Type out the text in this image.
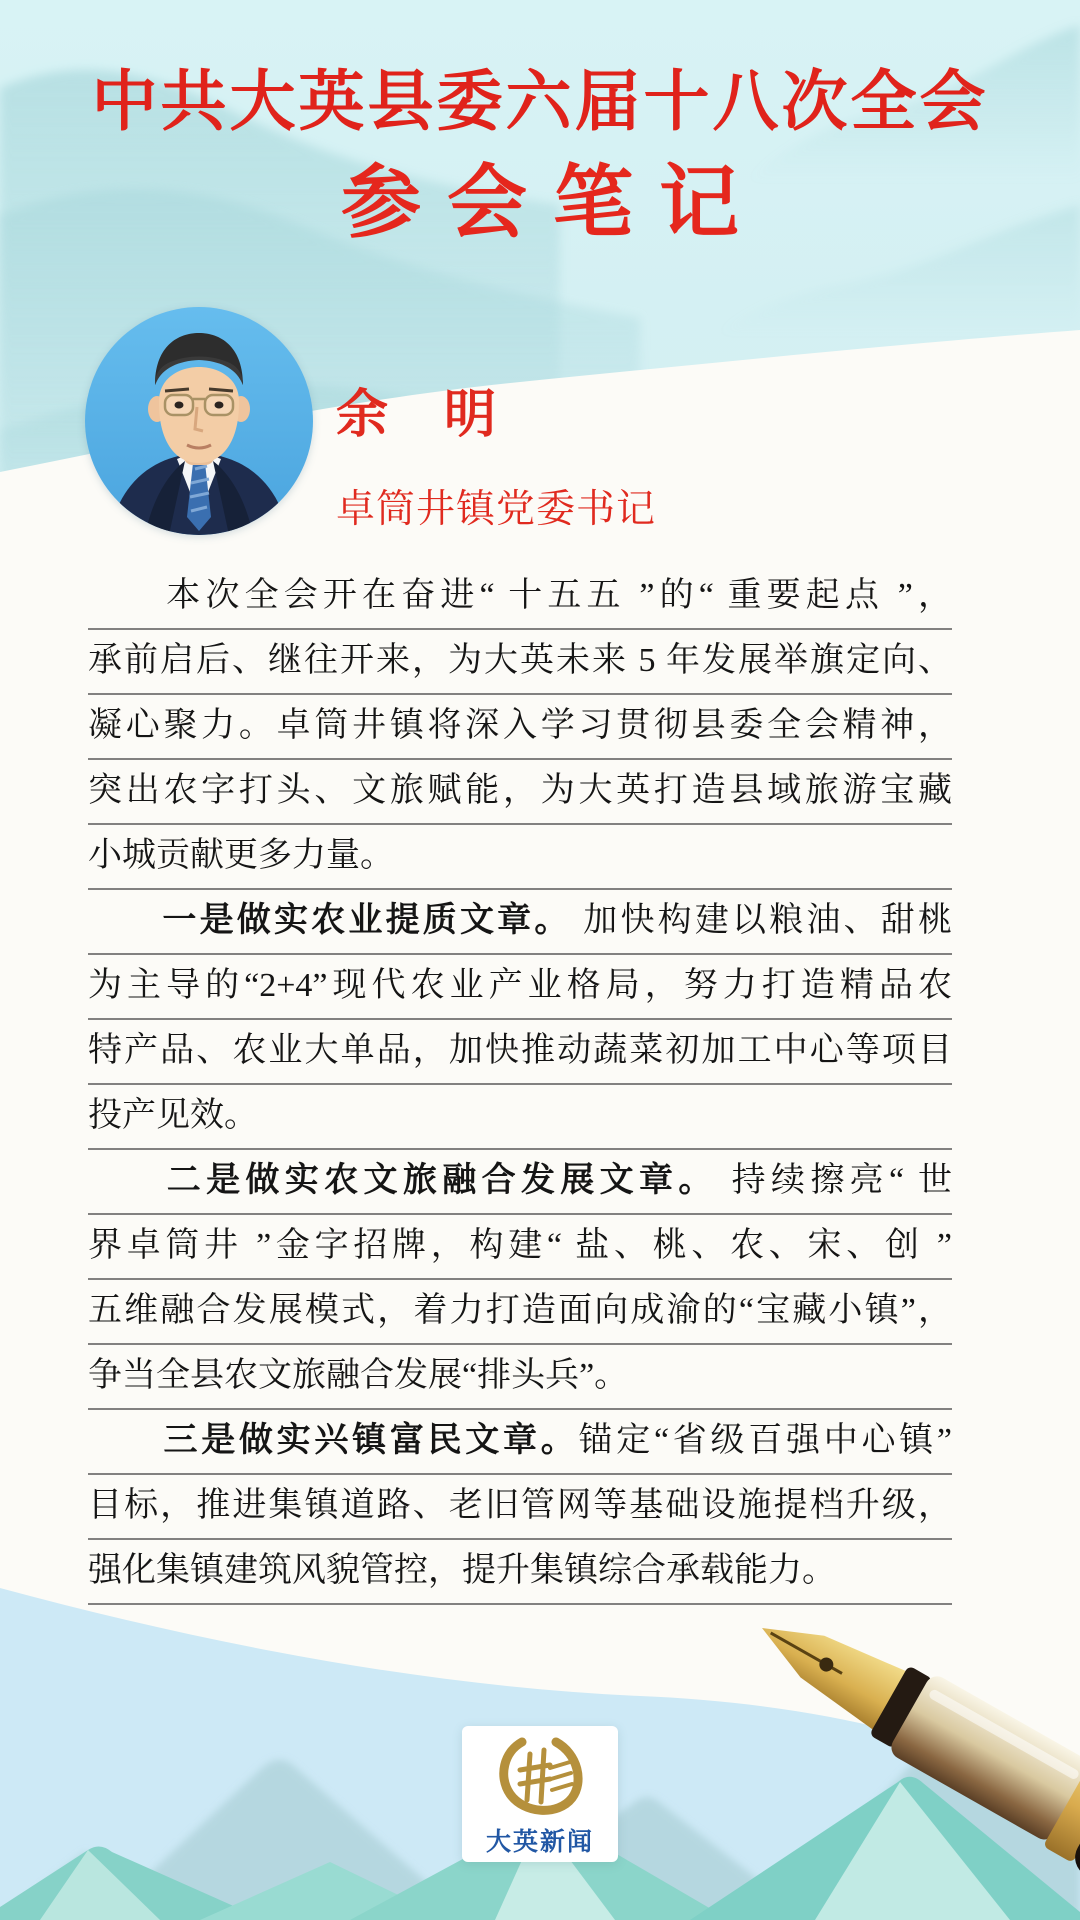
中共大英县委六届十八次全会
参会笔记
余　明
卓筒井镇党委书记
　　本次全会开在奋进“ 十五五 ”的“ 重要起点 ”，
承前启后、继往开来，为大英未来 5 年发展举旗定向、
凝心聚力。卓筒井镇将深入学习贯彻县委全会精神，
突出农字打头、文旅赋能，为大英打造县域旅游宝藏
小城贡献更多力量。
　　一是做实农业提质文章。 加快构建以粮油、甜桃
为主导的“2+4”现代农业产业格局，努力打造精品农
特产品、农业大单品，加快推动蔬菜初加工中心等项目
投产见效。
　　二是做实农文旅融合发展文章。 持续擦亮“ 世
界卓筒井 ”金字招牌，构建“ 盐、桃、农、宋、创 ”
五维融合发展模式，着力打造面向成渝的“宝藏小镇”，
争当全县农文旅融合发展“排头兵”。
　　三是做实兴镇富民文章。锚定“省级百强中心镇”
目标，推进集镇道路、老旧管网等基础设施提档升级，
强化集镇建筑风貌管控，提升集镇综合承载能力。
大英新闻
